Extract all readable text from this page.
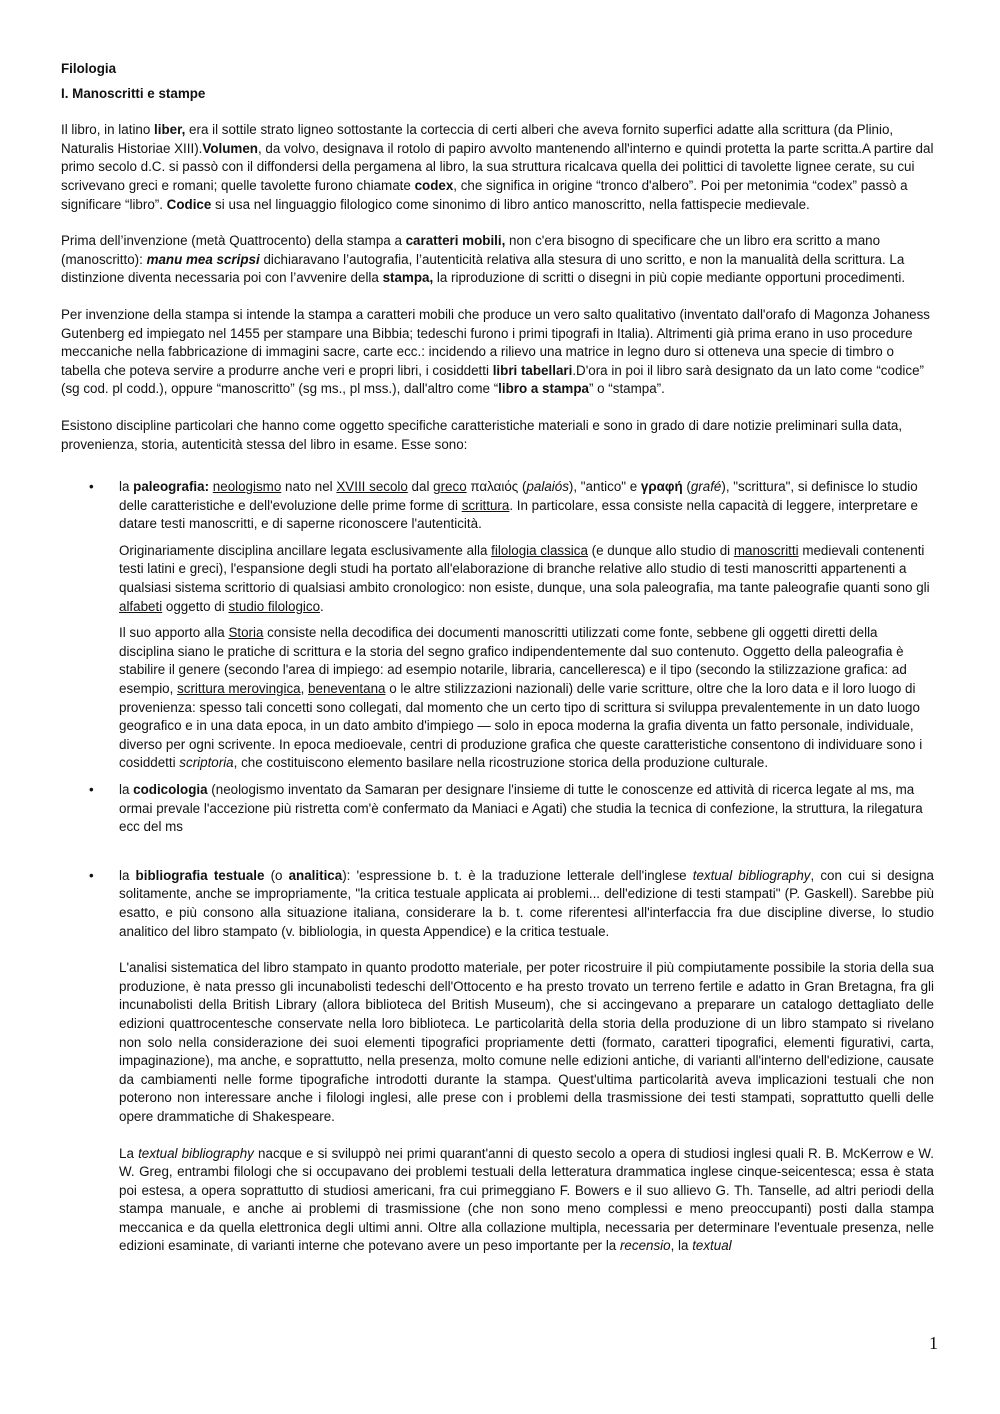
Filologia
I. Manoscritti e stampe

Il libro, in latino liber, era il sottile strato ligneo sottostante la corteccia di certi alberi che aveva fornito superfici adatte alla scrittura (da Plinio, Naturalis Historiae XIII).Volumen, da volvo, designava il rotolo di papiro avvolto mantenendo all'interno e quindi protetta la parte scritta.A partire dal primo secolo d.C. si passò con il diffondersi della pergamena al libro, la sua struttura ricalcava quella dei polittici di tavolette lignee cerate, su cui scrivevano greci e romani; quelle tavolette furono chiamate codex, che significa in origine “tronco d'albero”. Poi per metonimia “codex” passò a significare “libro”. Codice si usa nel linguaggio filologico come sinonimo di libro antico manoscritto, nella fattispecie medievale.

Prima dell’invenzione (metà Quattrocento) della stampa a caratteri mobili, non c'era bisogno di specificare che un libro era scritto a mano (manoscritto): manu mea scripsi dichiaravano l’autografia, l’autenticità relativa alla stesura di uno scritto, e non la manualità della scrittura. La distinzione diventa necessaria poi con l’avvenire della stampa, la riproduzione di scritti o disegni in più copie mediante opportuni procedimenti.

Per invenzione della stampa si intende la stampa a caratteri mobili che produce un vero salto qualitativo (inventato dall'orafo di Magonza Johaness Gutenberg ed impiegato nel 1455 per stampare una Bibbia; tedeschi furono i primi tipografi in Italia). Altrimenti già prima erano in uso procedure meccaniche nella fabbricazione di immagini sacre, carte ecc.: incidendo a rilievo una matrice in legno duro si otteneva una specie di timbro o tabella che poteva servire a produrre anche veri e propri libri, i cosiddetti libri tabellari.D'ora in poi il libro sarà designato da un lato come “codice” (sg cod. pl codd.), oppure “manoscritto” (sg ms., pl mss.), dall'altro come “libro a stampa” o “stampa”.

Esistono discipline particolari che hanno come oggetto specifiche caratteristiche materiali e sono in grado di dare notizie preliminari sulla data, provenienza, storia, autenticità stessa del libro in esame. Esse sono:

• la paleografia: neologismo nato nel XVIII secolo dal greco παλαιός (palaiós), "antico" e γραφή (grafé), "scrittura", si definisce lo studio delle caratteristiche e dell'evoluzione delle prime forme di scrittura. In particolare, essa consiste nella capacità di leggere, interpretare e datare testi manoscritti, e di saperne riconoscere l'autenticità.
Originariamente disciplina ancillare legata esclusivamente alla filologia classica (e dunque allo studio di manoscritti medievali contenenti testi latini e greci), l'espansione degli studi ha portato all'elaborazione di branche relative allo studio di testi manoscritti appartenenti a qualsiasi sistema scrittorio di qualsiasi ambito cronologico: non esiste, dunque, una sola paleografia, ma tante paleografie quanti sono gli alfabeti oggetto di studio filologico.
Il suo apporto alla Storia consiste nella decodifica dei documenti manoscritti utilizzati come fonte, sebbene gli oggetti diretti della disciplina siano le pratiche di scrittura e la storia del segno grafico indipendentemente dal suo contenuto. Oggetto della paleografia è stabilire il genere (secondo l'area di impiego: ad esempio notarile, libraria, cancelleresca) e il tipo (secondo la stilizzazione grafica: ad esempio, scrittura merovingica, beneventana o le altre stilizzazioni nazionali) delle varie scritture, oltre che la loro data e il loro luogo di provenienza: spesso tali concetti sono collegati, dal momento che un certo tipo di scrittura si sviluppa prevalentemente in un dato luogo geografico e in una data epoca, in un dato ambito d'impiego — solo in epoca moderna la grafia diventa un fatto personale, individuale, diverso per ogni scrivente. In epoca medioevale, centri di produzione grafica che queste caratteristiche consentono di individuare sono i cosiddetti scriptoria, che costituiscono elemento basilare nella ricostruzione storica della produzione culturale.
• la codicologia (neologismo inventato da Samaran per designare l'insieme di tutte le conoscenze ed attività di ricerca legate al ms, ma ormai prevale l'accezione più ristretta com'è confermato da Maniaci e Agati) che studia la tecnica di confezione, la struttura, la rilegatura ecc del ms
• la bibliografia testuale (o analitica): 'espressione b. t. è la traduzione letterale dell'inglese textual bibliography, con cui si designa solitamente, anche se impropriamente, "la critica testuale applicata ai problemi... dell'edizione di testi stampati" (P. Gaskell). Sarebbe più esatto, e più consono alla situazione italiana, considerare la b. t. come riferentesi all'interfaccia fra due discipline diverse, lo studio analitico del libro stampato (v. bibliologia, in questa Appendice) e la critica testuale.
L'analisi sistematica del libro stampato in quanto prodotto materiale, per poter ricostruire il più compiutamente possibile la storia della sua produzione, è nata presso gli incunabolisti tedeschi dell'Ottocento e ha presto trovato un terreno fertile e adatto in Gran Bretagna, fra gli incunabolisti della British Library (allora biblioteca del British Museum), che si accingevano a preparare un catalogo dettagliato delle edizioni quattrocentesche conservate nella loro biblioteca. Le particolarità della storia della produzione di un libro stampato si rivelano non solo nella considerazione dei suoi elementi tipografici propriamente detti (formato, caratteri tipografici, elementi figurativi, carta, impaginazione), ma anche, e soprattutto, nella presenza, molto comune nelle edizioni antiche, di varianti all'interno dell'edizione, causate da cambiamenti nelle forme tipografiche introdotti durante la stampa. Quest'ultima particolarità aveva implicazioni testuali che non poterono non interessare anche i filologi inglesi, alle prese con i problemi della trasmissione dei testi stampati, soprattutto quelli delle opere drammatiche di Shakespeare.
La textual bibliography nacque e si sviluppò nei primi quarant'anni di questo secolo a opera di studiosi inglesi quali R. B. McKerrow e W. W. Greg, entrambi filologi che si occupavano dei problemi testuali della letteratura drammatica inglese cinque-seicentesca; essa è stata poi estesa, a opera soprattutto di studiosi americani, fra cui primeggiano F. Bowers e il suo allievo G. Th. Tanselle, ad altri periodi della stampa manuale, e anche ai problemi di trasmissione (che non sono meno complessi e meno preoccupanti) posti dalla stampa meccanica e da quella elettronica degli ultimi anni. Oltre alla collazione multipla, necessaria per determinare l'eventuale presenza, nelle edizioni esaminate, di varianti interne che potevano avere un peso importante per la recensio, la textual
1
